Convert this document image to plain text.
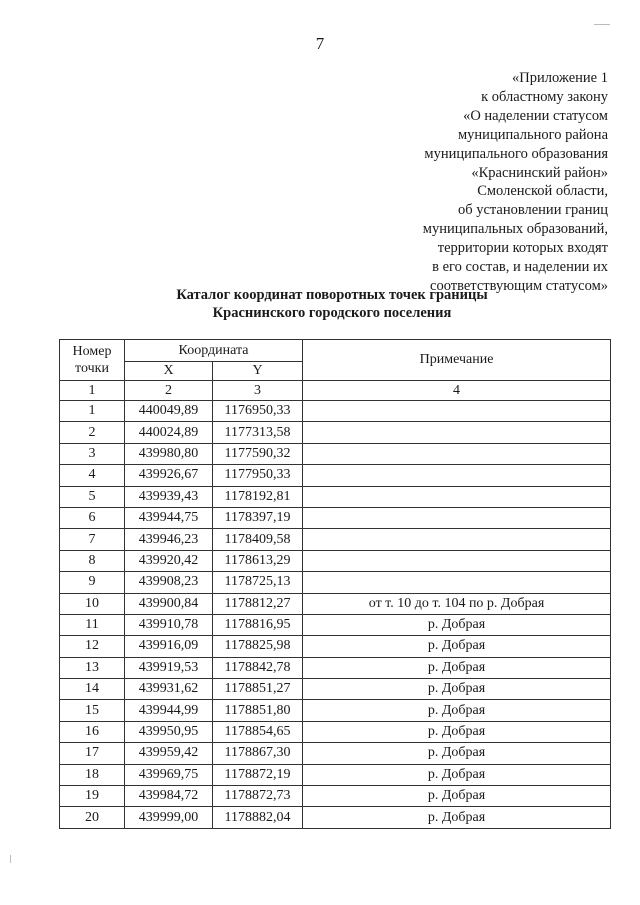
7
«Приложение 1
к областному закону
«О наделении статусом
муниципального района
муниципального образования
«Краснинский район»
Смоленской области,
об установлении границ
муниципальных образований,
территории которых входят
в его состав, и наделении их
соответствующим статусом»
Каталог координат поворотных точек границы
Краснинского городского поселения
Номер
точки	Координата		Примечание
	X	Y	
1	2	3	4
1	440049,89	1176950,33	
2	440024,89	1177313,58	
3	439980,80	1177590,32	
4	439926,67	1177950,33	
5	439939,43	1178192,81	
6	439944,75	1178397,19	
7	439946,23	1178409,58	
8	439920,42	1178613,29	
9	439908,23	1178725,13	
10	439900,84	1178812,27	от т. 10 до т. 104 по р. Добрая
11	439910,78	1178816,95	р. Добрая
12	439916,09	1178825,98	р. Добрая
13	439919,53	1178842,78	р. Добрая
14	439931,62	1178851,27	р. Добрая
15	439944,99	1178851,80	р. Добрая
16	439950,95	1178854,65	р. Добрая
17	439959,42	1178867,30	р. Добрая
18	439969,75	1178872,19	р. Добрая
19	439984,72	1178872,73	р. Добрая
20	439999,00	1178882,04	р. Добрая
